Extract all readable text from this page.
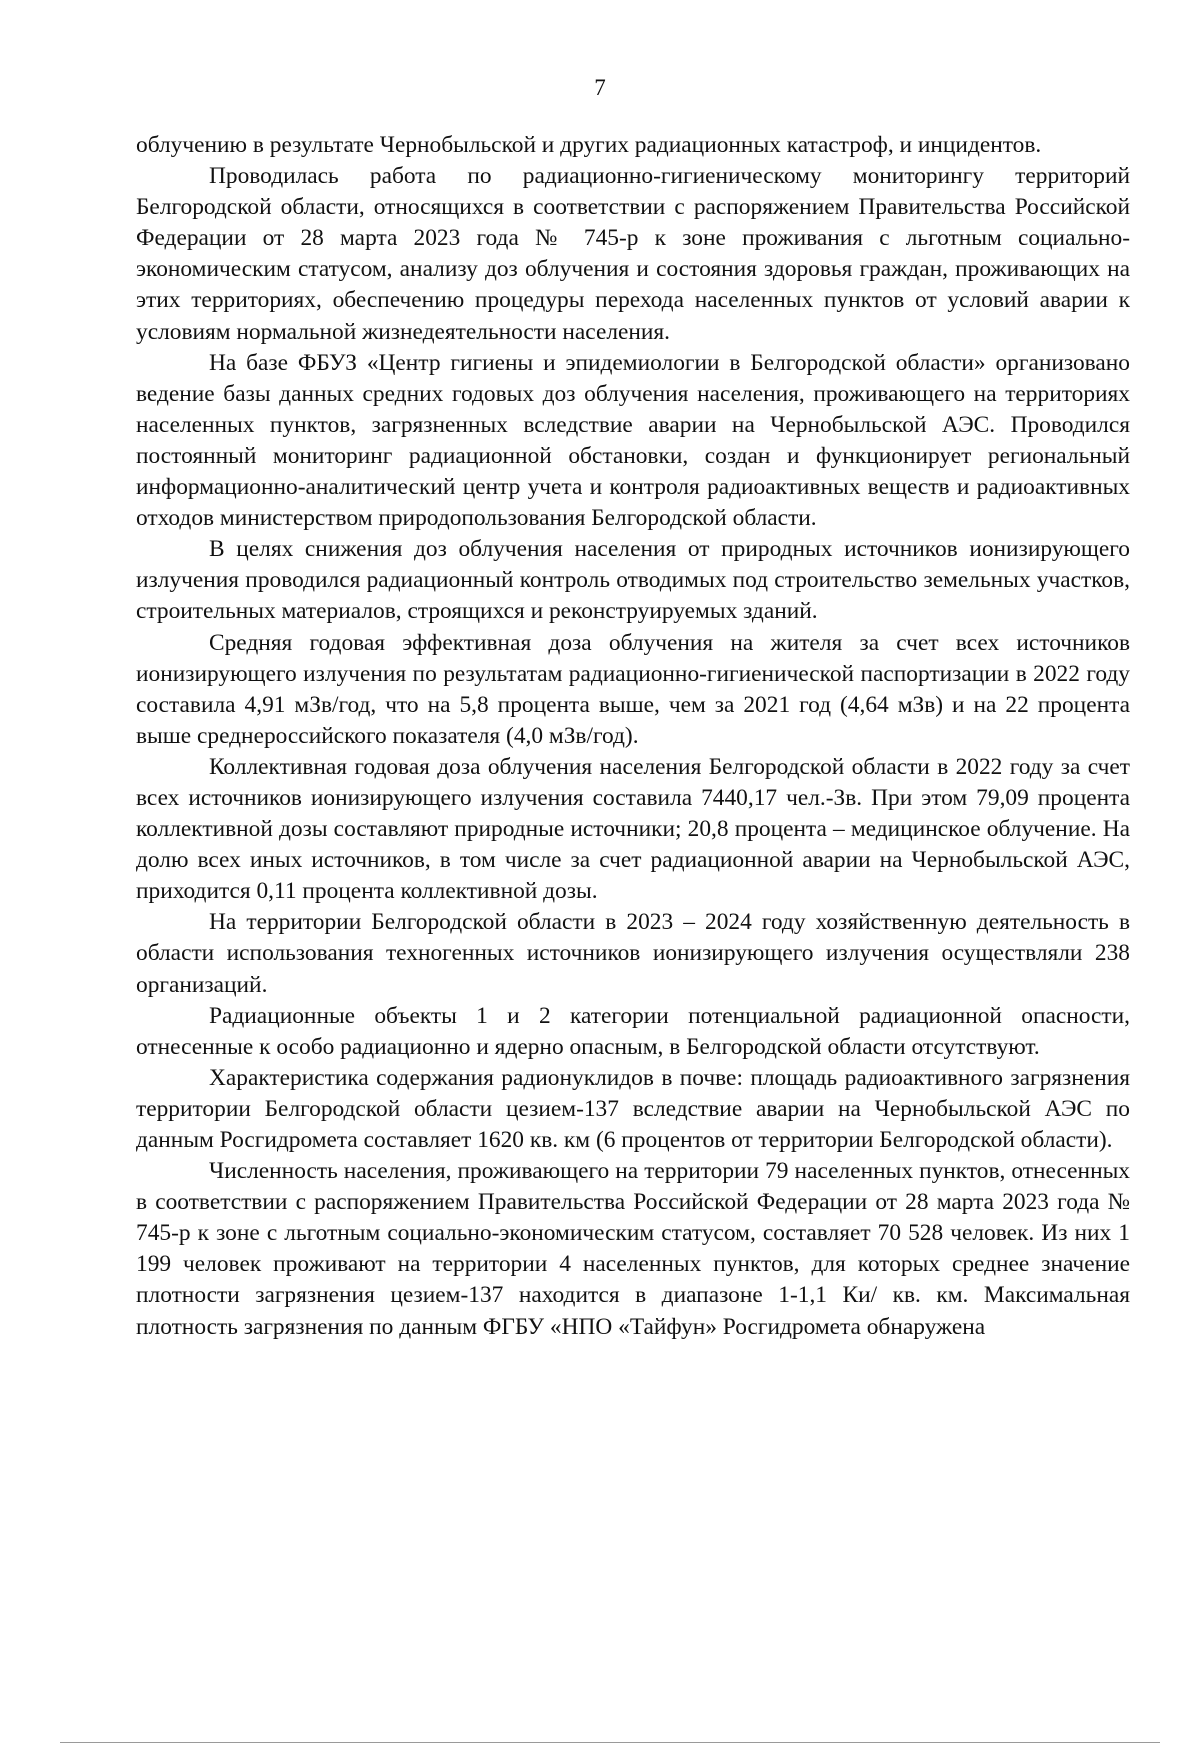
7

облучению в результате Чернобыльской и других радиационных катастроф, и инцидентов.

Проводилась работа по радиационно-гигиеническому мониторингу территорий Белгородской области, относящихся в соответствии с распоряжением Правительства Российской Федерации от 28 марта 2023 года № 745-р к зоне проживания с льготным социально-экономическим статусом, анализу доз облучения и состояния здоровья граждан, проживающих на этих территориях, обеспечению процедуры перехода населенных пунктов от условий аварии к условиям нормальной жизнедеятельности населения.

На базе ФБУЗ «Центр гигиены и эпидемиологии в Белгородской области» организовано ведение базы данных средних годовых доз облучения населения, проживающего на территориях населенных пунктов, загрязненных вследствие аварии на Чернобыльской АЭС. Проводился постоянный мониторинг радиационной обстановки, создан и функционирует региональный информационно-аналитический центр учета и контроля радиоактивных веществ и радиоактивных отходов министерством природопользования Белгородской области.

В целях снижения доз облучения населения от природных источников ионизирующего излучения проводился радиационный контроль отводимых под строительство земельных участков, строительных материалов, строящихся и реконструируемых зданий.

Средняя годовая эффективная доза облучения на жителя за счет всех источников ионизирующего излучения по результатам радиационно-гигиенической паспортизации в 2022 году составила 4,91 мЗв/год, что на 5,8 процента выше, чем за 2021 год (4,64 мЗв) и на 22 процента выше среднероссийского показателя (4,0 мЗв/год).

Коллективная годовая доза облучения населения Белгородской области в 2022 году за счет всех источников ионизирующего излучения составила 7440,17 чел.-Зв. При этом 79,09 процента коллективной дозы составляют природные источники; 20,8 процента – медицинское облучение. На долю всех иных источников, в том числе за счет радиационной аварии на Чернобыльской АЭС, приходится 0,11 процента коллективной дозы.

На территории Белгородской области в 2023 – 2024 году хозяйственную деятельность в области использования техногенных источников ионизирующего излучения осуществляли 238 организаций.

Радиационные объекты 1 и 2 категории потенциальной радиационной опасности, отнесенные к особо радиационно и ядерно опасным, в Белгородской области отсутствуют.

Характеристика содержания радионуклидов в почве: площадь радиоактивного загрязнения территории Белгородской области цезием-137 вследствие аварии на Чернобыльской АЭС по данным Росгидромета составляет 1620 кв. км (6 процентов от территории Белгородской области).

Численность населения, проживающего на территории 79 населенных пунктов, отнесенных в соответствии с распоряжением Правительства Российской Федерации от 28 марта 2023 года № 745-р к зоне с льготным социально-экономическим статусом, составляет 70 528 человек. Из них 1 199 человек проживают на территории 4 населенных пунктов, для которых среднее значение плотности загрязнения цезием-137 находится в диапазоне 1-1,1 Ки/ кв. км. Максимальная плотность загрязнения по данным ФГБУ «НПО «Тайфун» Росгидромета обнаружена
